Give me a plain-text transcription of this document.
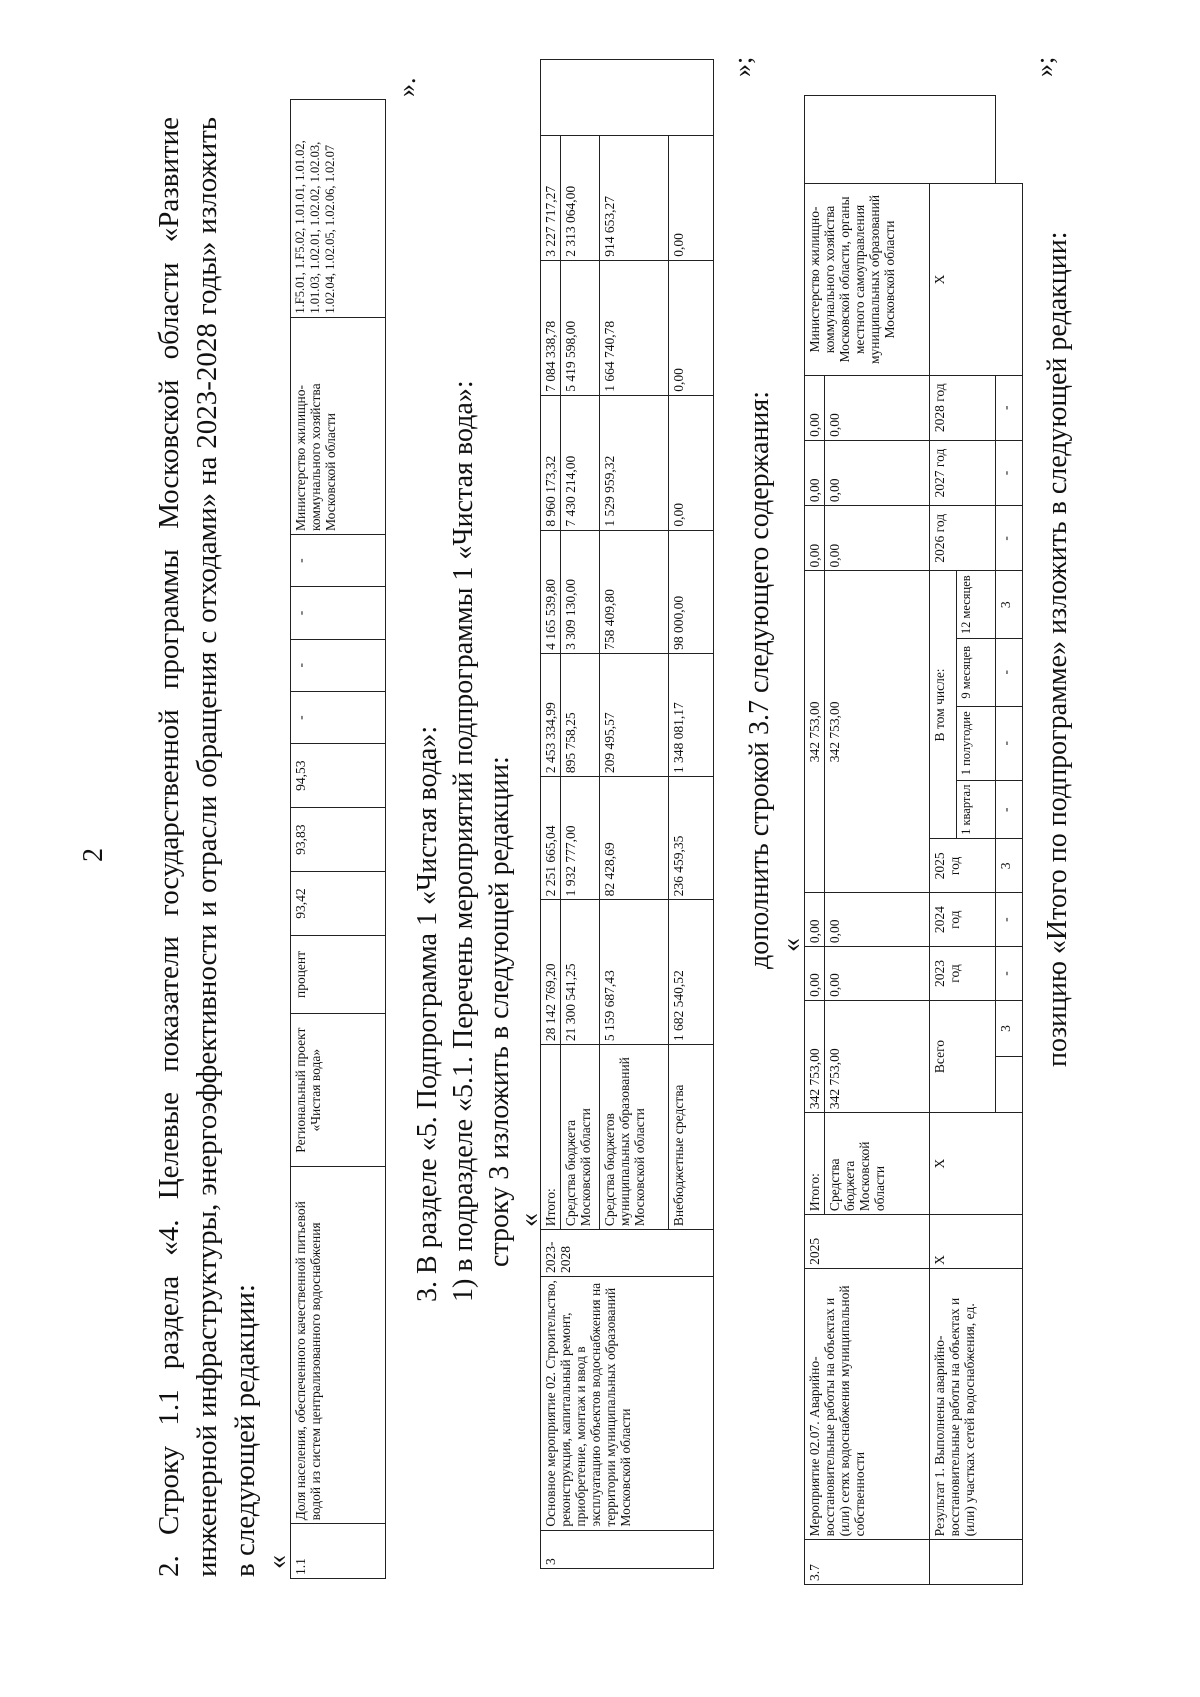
2 2. Строку 1.1 раздела «4. Целевые показатели государственной программы Московской области «Развитие инженерной инфраструктуры, энергоэффективности и отрасли обращения с отходами» на 2023-2028 годы» изложить в следующей редакции: « 1.1	Доля населения, обеспеченного качественной питьевой водой из систем централизованного водоснабжения	Региональный проект «Чистая вода»	процент	93,42	93,83	94,53	-	-	-	-	Министерство жилищно-коммунального хозяйства Московской области	1.F5.01, 1.F5.02, 1.01.01, 1.01.02, 1.01.03, 1.02.01, 1.02.02, 1.02.03, 1.02.04, 1.02.05, 1.02.06, 1.02.07
».
3. В разделе «5. Подпрограмма 1 «Чистая вода»: 1) в подразделе «5.1. Перечень мероприятий подпрограммы 1 «Чистая вода»: строку 3 изложить в следующей редакции: «
3	Основное мероприятие 02. Строительство, реконструкция, капитальный ремонт, приобретение, монтаж и ввод в эксплуатацию объектов водоснабжения на территории муниципальных образований Московской области	2023-2028	Итого:	28 142 769,20	2 251 665,04	2 453 334,99	4 165 539,80	8 960 173,32	7 084 338,78	3 227 717,27	
			Средства бюджета Московской области	21 300 541,25	1 932 777,00	895 758,25	3 309 130,00	7 430 214,00	5 419 598,00	2 313 064,00	
			Средства бюджетов муниципальных образований Московской области	5 159 687,43	82 428,69	209 495,57	758 409,80	1 529 959,32	1 664 740,78	914 653,27	
			Внебюджетные средства	1 682 540,52	236 459,35	1 348 081,17	98 000,00	0,00	0,00	0,00	
»;
дополнить строкой 3.7 следующего содержания: «
3.7	Мероприятие 02.07. Аварийно-восстановительные работы на объектах и (или) сетях водоснабжения муниципальной собственности	2025	Итого:	342 753,00		0,00	0,00	342 753,00					0,00	0,00	0,00	Министерство жилищно-коммунального хозяйства Московской области, органы местного самоуправления муниципальных образований Московской области	
			Средства бюджета Московской области	342 753,00		0,00	0,00	342 753,00					0,00	0,00	0,00		
	Результат 1. Выполнены аварийно-восстановительные работы на объектах и (или) участках сетей водоснабжения, ед.	Х	Х	Всего		2023 год	2024 год	2025 год	В том числе:				2026 год	2027 год	2028 год	Х	
									1 квартал	1 полугодие	9 месяцев	12 месяцев					
					3	-	-	3	-	-	-	3	-	-	-		
»;
позицию «Итого по подпрограмме» изложить в следующей редакции:
